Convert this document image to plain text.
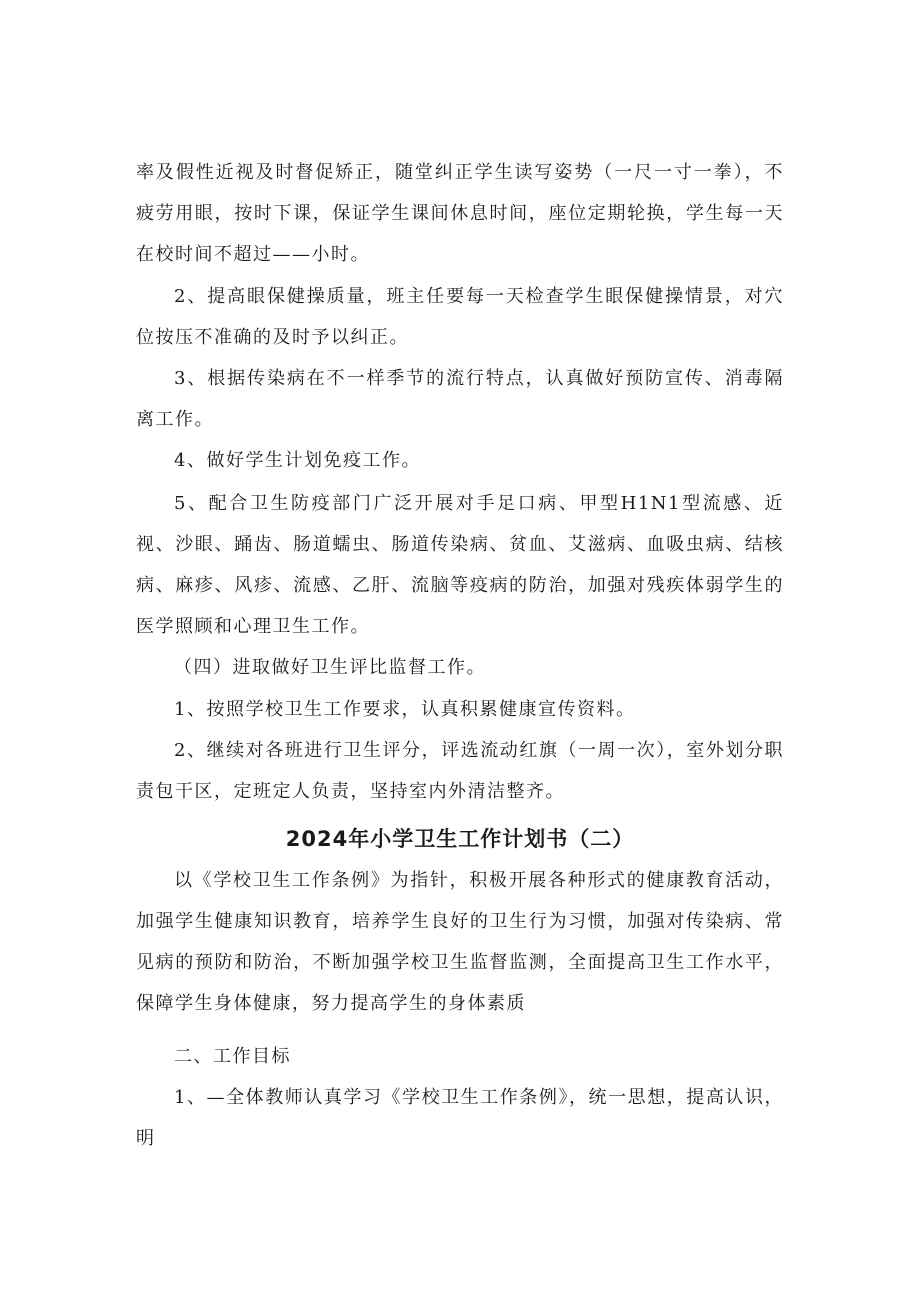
率及假性近视及时督促矫正，随堂纠正学生读写姿势（一尺一寸一拳），不疲劳用眼，按时下课，保证学生课间休息时间，座位定期轮换，学生每一天在校时间不超过——小时。

2、提高眼保健操质量，班主任要每一天检查学生眼保健操情景，对穴位按压不准确的及时予以纠正。

3、根据传染病在不一样季节的流行特点，认真做好预防宣传、消毒隔离工作。

4、做好学生计划免疫工作。

5、配合卫生防疫部门广泛开展对手足口病、甲型H1N1型流感、近视、沙眼、踊齿、肠道蠕虫、肠道传染病、贫血、艾滋病、血吸虫病、结核病、麻疹、风疹、流感、乙肝、流脑等疫病的防治，加强对残疾体弱学生的医学照顾和心理卫生工作。

（四）进取做好卫生评比监督工作。

1、按照学校卫生工作要求，认真积累健康宣传资料。

2、继续对各班进行卫生评分，评选流动红旗（一周一次），室外划分职责包干区，定班定人负责，坚持室内外清洁整齐。

2024年小学卫生工作计划书（二）

以《学校卫生工作条例》为指针，积极开展各种形式的健康教育活动，加强学生健康知识教育，培养学生良好的卫生行为习惯，加强对传染病、常见病的预防和防治，不断加强学校卫生监督监测，全面提高卫生工作水平，保障学生身体健康，努力提高学生的身体素质

二、工作目标

1、—全体教师认真学习《学校卫生工作条例》，统一思想，提高认识，明
